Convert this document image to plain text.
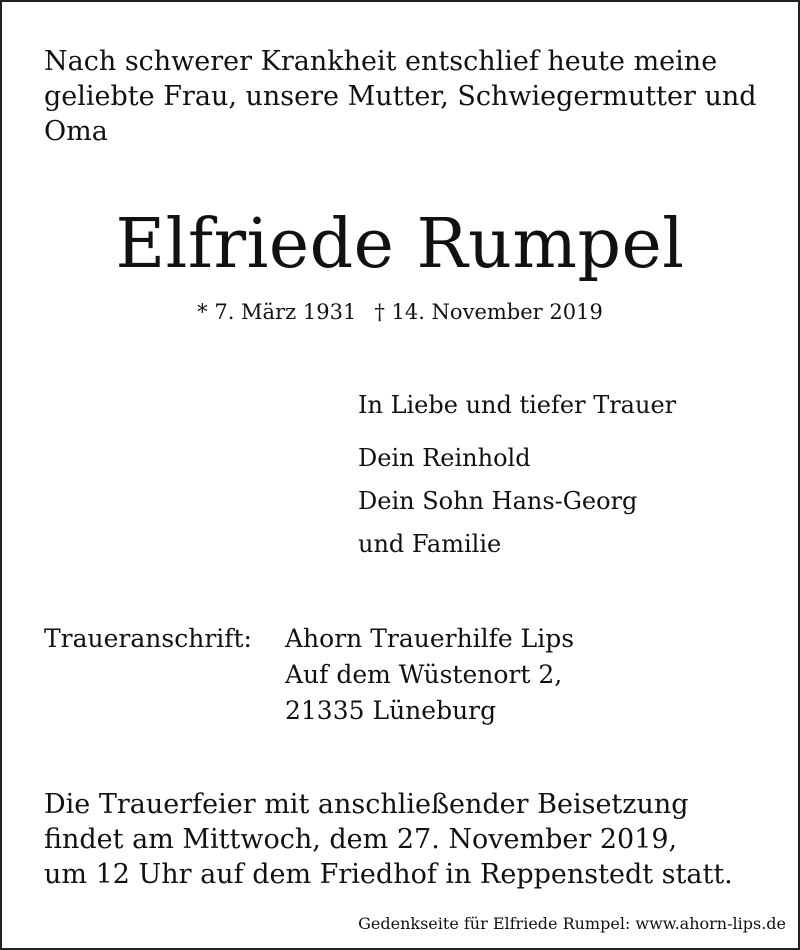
Nach schwerer Krankheit entschlief heute meine
geliebte Frau, unsere Mutter, Schwiegermutter und
Oma

Elfriede Rumpel
* 7. März 1931 † 14. November 2019
In Liebe und tiefer Trauer
Dein Reinhold
Dein Sohn Hans-Georg
und Familie
Traueranschrift: Ahorn Trauerhilfe Lips
Auf dem Wüstenort 2,
21335 Lüneburg

Die Trauerfeier mit anschließender Beisetzung
findet am Mittwoch, dem 27. November 2019,
um 12 Uhr auf dem Friedhof in Reppenstedt statt.

Gedenkseite für Elfriede Rumpel: www.ahorn-lips.de
